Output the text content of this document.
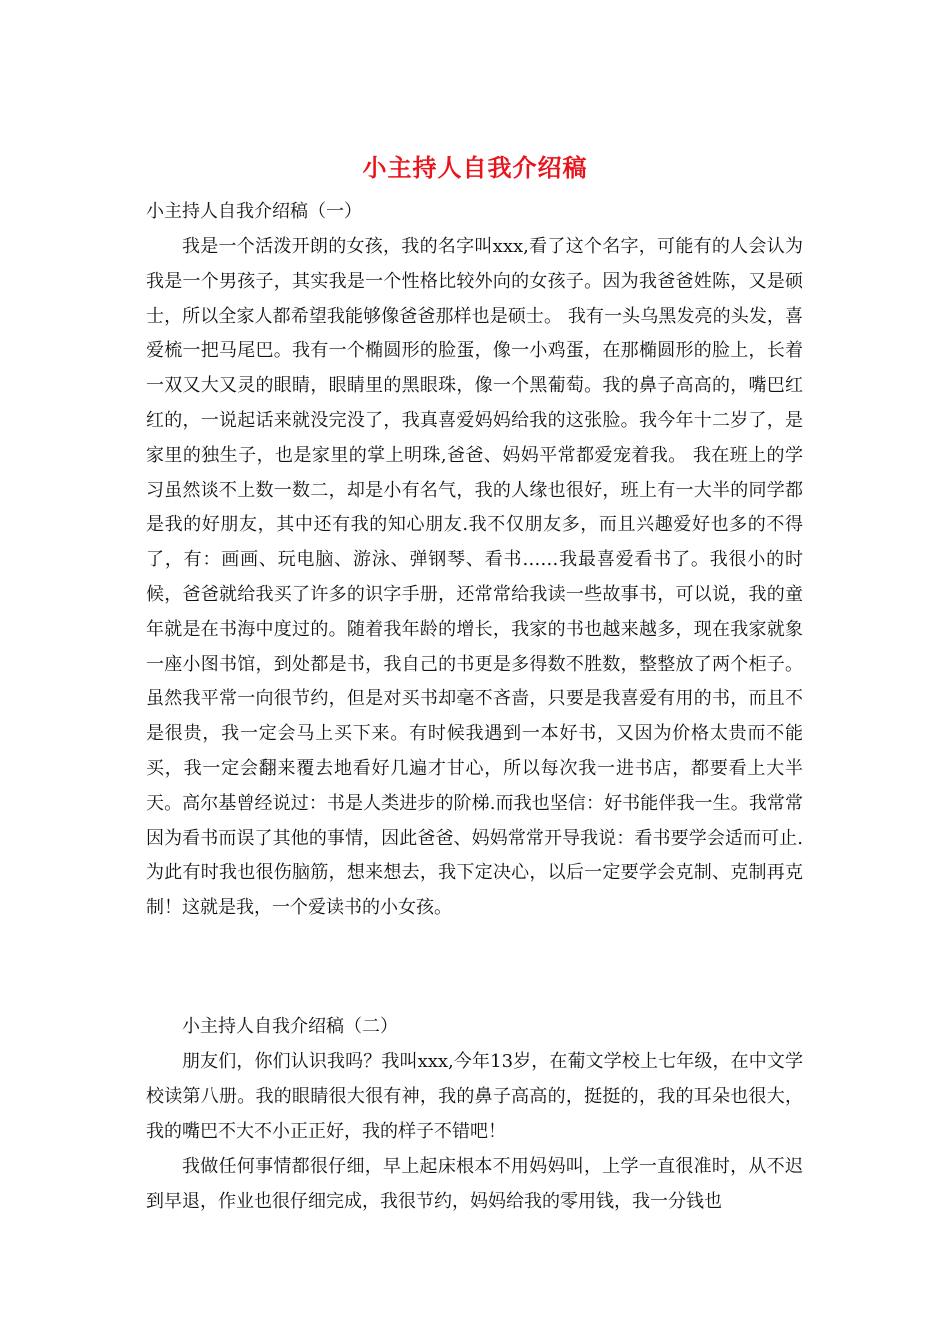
小主持人自我介绍稿

小主持人自我介绍稿（一）

我是一个活泼开朗的女孩，我的名字叫xxx,看了这个名字，可能有的人会认为我是一个男孩子，其实我是一个性格比较外向的女孩子。因为我爸爸姓陈，又是硕士，所以全家人都希望我能够像爸爸那样也是硕士。 我有一头乌黑发亮的头发，喜爱梳一把马尾巴。我有一个椭圆形的脸蛋，像一小鸡蛋，在那椭圆形的脸上，长着一双又大又灵的眼睛，眼睛里的黑眼珠，像一个黑葡萄。我的鼻子高高的，嘴巴红红的，一说起话来就没完没了，我真喜爱妈妈给我的这张脸。我今年十二岁了，是家里的独生子，也是家里的掌上明珠,爸爸、妈妈平常都爱宠着我。 我在班上的学习虽然谈不上数一数二，却是小有名气，我的人缘也很好，班上有一大半的同学都是我的好朋友，其中还有我的知心朋友.我不仅朋友多，而且兴趣爱好也多的不得了，有：画画、玩电脑、游泳、弹钢琴、看书……我最喜爱看书了。我很小的时候，爸爸就给我买了许多的识字手册，还常常给我读一些故事书，可以说，我的童年就是在书海中度过的。随着我年龄的增长，我家的书也越来越多，现在我家就象一座小图书馆，到处都是书，我自己的书更是多得数不胜数，整整放了两个柜子。虽然我平常一向很节约，但是对买书却毫不吝啬，只要是我喜爱有用的书，而且不是很贵，我一定会马上买下来。有时候我遇到一本好书，又因为价格太贵而不能买，我一定会翻来覆去地看好几遍才甘心，所以每次我一进书店，都要看上大半天。高尔基曾经说过：书是人类进步的阶梯.而我也坚信：好书能伴我一生。我常常因为看书而误了其他的事情，因此爸爸、妈妈常常开导我说：看书要学会适而可止.为此有时我也很伤脑筋，想来想去，我下定决心，以后一定要学会克制、克制再克制！这就是我，一个爱读书的小女孩。

小主持人自我介绍稿（二）

朋友们，你们认识我吗？我叫xxx,今年13岁，在葡文学校上七年级，在中文学校读第八册。我的眼睛很大很有神，我的鼻子高高的，挺挺的，我的耳朵也很大，我的嘴巴不大不小正正好，我的样子不错吧！

我做任何事情都很仔细，早上起床根本不用妈妈叫，上学一直很准时，从不迟到早退，作业也很仔细完成，我很节约，妈妈给我的零用钱，我一分钱也
